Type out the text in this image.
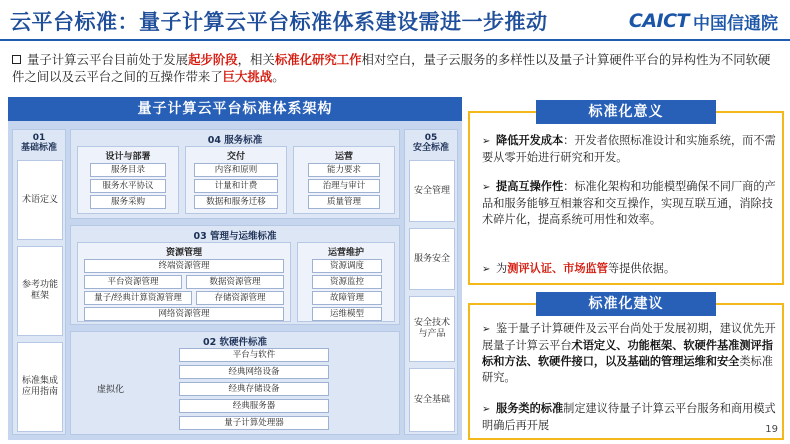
云平台标准：量子计算云平台标准体系建设需进一步推动	CAICT 中国信通院
量子计算云平台目前处于发展起步阶段，相关标准化研究工作相对空白，量子云服务的多样性以及量子计算硬件平台的异构性为不同软硬件之间以及云平台之间的互操作带来了巨大挑战。
量子计算云平台标准体系架构
01
基础标准
术语定义
参考功能框架
标准集成应用指南
05
安全标准
安全管理
服务安全
安全技术与产品
安全基础
04 服务标准
设计与部署
服务目录
服务水平协议
服务采购
交付
内容和原则
计量和计费
数据和服务迁移
运营
能力要求
治理与审计
质量管理
03 管理与运维标准
资源管理
终端资源管理
平台资源管理	数据资源管理
量子/经典计算资源管理	存储资源管理
网络资源管理
运营维护
资源调度
资源监控
故障管理
运维模型
02 软硬件标准
虚拟化
平台与软件
经典网络设备
经典存储设备
经典服务器
量子计算处理器
➢ 降低开发成本：开发者依照标准设计和实施系统，而不需要从零开始进行研究和开发。
➢ 提高互操作性：标准化架构和功能模型确保不同厂商的产品和服务能够互相兼容和交互操作，实现互联互通，消除技术碎片化，提高系统可用性和效率。
➢ 为测评认证、市场监管等提供依据。
标准化意义
➢ 鉴于量子计算硬件及云平台尚处于发展初期，建议优先开展量子计算云平台术语定义、功能框架、软硬件基准测评指标和方法、软硬件接口，以及基础的管理运维和安全类标准研究。
➢ 服务类的标准制定建议待量子计算云平台服务和商用模式明确后再开展
标准化建议
19
